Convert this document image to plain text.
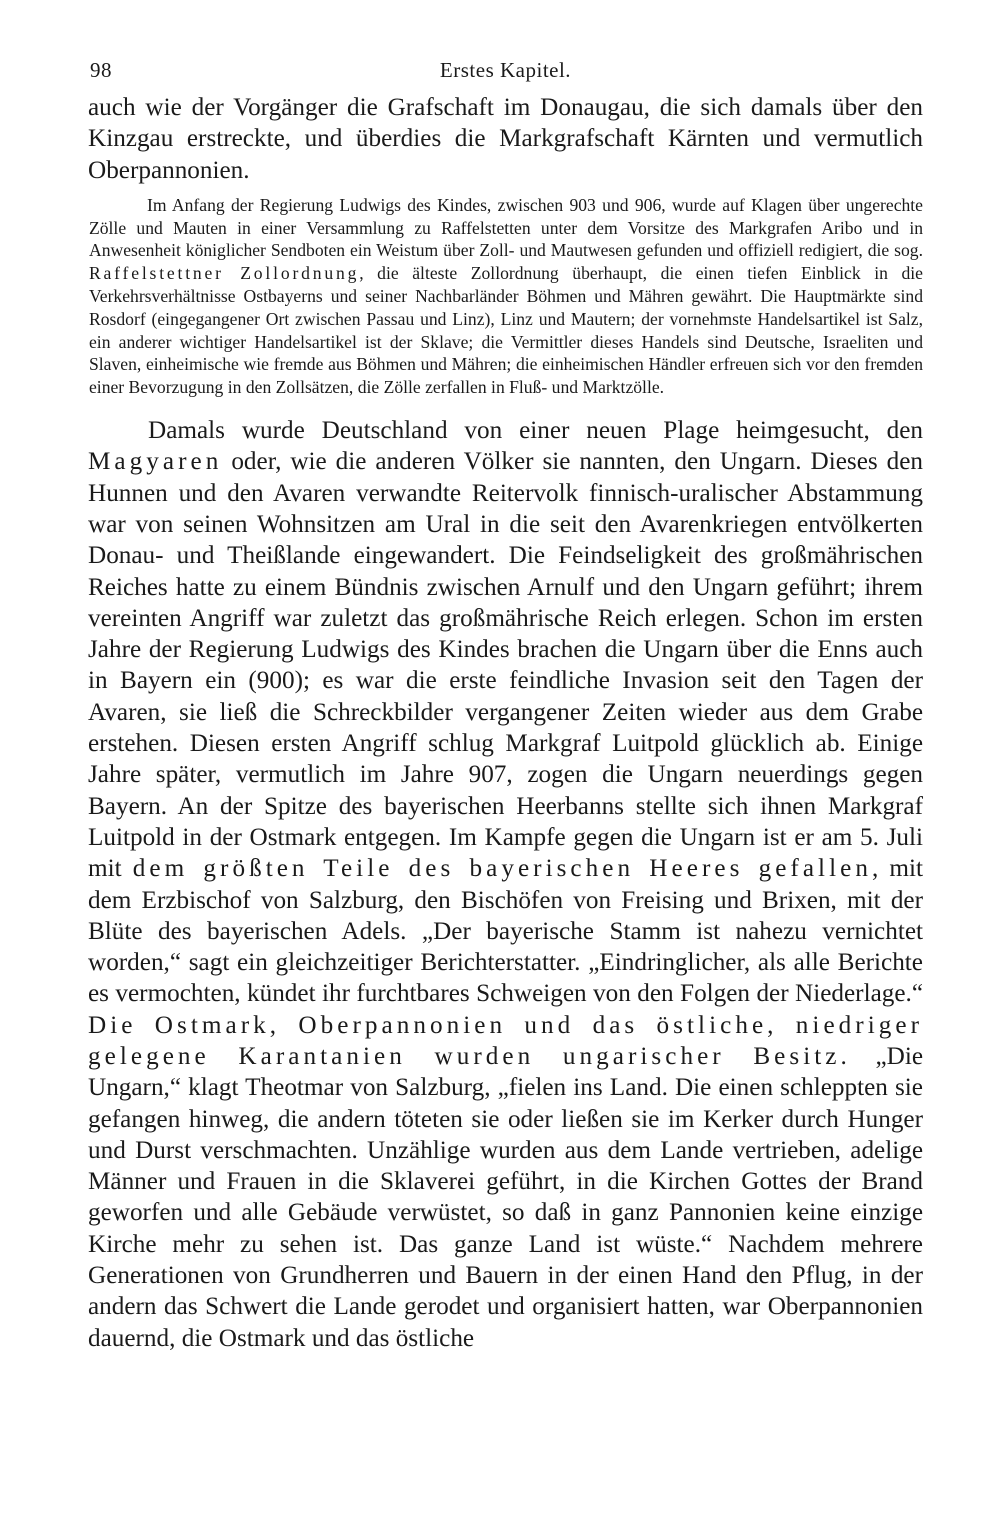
98	Erstes Kapitel.

auch wie der Vorgänger die Grafschaft im Donaugau, die sich damals über den Kinzgau erstreckte, und überdies die Markgrafschaft Kärnten und vermutlich Oberpannonien.

Im Anfang der Regierung Ludwigs des Kindes, zwischen 903 und 906, wurde auf Klagen über ungerechte Zölle und Mauten in einer Versammlung zu Raffelstetten unter dem Vorsitze des Markgrafen Aribo und in Anwesenheit königlicher Sendboten ein Weistum über Zoll- und Mautwesen gefunden und offiziell redigiert, die sog. Raffelstettner Zollordnung, die älteste Zollordnung überhaupt, die einen tiefen Einblick in die Verkehrsverhältnisse Ostbayerns und seiner Nachbarländer Böhmen und Mähren gewährt. Die Hauptmärkte sind Rosdorf (eingegangener Ort zwischen Passau und Linz), Linz und Mautern; der vornehmste Handelsartikel ist Salz, ein anderer wichtiger Handelsartikel ist der Sklave; die Vermittler dieses Handels sind Deutsche, Israeliten und Slaven, einheimische wie fremde aus Böhmen und Mähren; die einheimischen Händler erfreuen sich vor den fremden einer Bevorzugung in den Zollsätzen, die Zölle zerfallen in Fluß- und Marktzölle.

Damals wurde Deutschland von einer neuen Plage heimgesucht, den Magyaren oder, wie die anderen Völker sie nannten, den Ungarn. Dieses den Hunnen und den Avaren verwandte Reitervolk finnisch-uralischer Abstammung war von seinen Wohnsitzen am Ural in die seit den Avarenkriegen entvölkerten Donau- und Theißlande eingewandert. Die Feindseligkeit des großmährischen Reiches hatte zu einem Bündnis zwischen Arnulf und den Ungarn geführt; ihrem vereinten Angriff war zuletzt das großmährische Reich erlegen. Schon im ersten Jahre der Regierung Ludwigs des Kindes brachen die Ungarn über die Enns auch in Bayern ein (900); es war die erste feindliche Invasion seit den Tagen der Avaren, sie ließ die Schreckbilder vergangener Zeiten wieder aus dem Grabe erstehen. Diesen ersten Angriff schlug Markgraf Luitpold glücklich ab. Einige Jahre später, vermutlich im Jahre 907, zogen die Ungarn neuerdings gegen Bayern. An der Spitze des bayerischen Heerbanns stellte sich ihnen Markgraf Luitpold in der Ostmark entgegen. Im Kampfe gegen die Ungarn ist er am 5. Juli mit dem größten Teile des bayerischen Heeres gefallen, mit dem Erzbischof von Salzburg, den Bischöfen von Freising und Brixen, mit der Blüte des bayerischen Adels. „Der bayerische Stamm ist nahezu vernichtet worden,“ sagt ein gleichzeitiger Berichterstatter. „Eindringlicher, als alle Berichte es vermochten, kündet ihr furchtbares Schweigen von den Folgen der Niederlage.“ Die Ostmark, Oberpannonien und das östliche, niedriger gelegene Karantanien wurden ungarischer Besitz. „Die Ungarn,“ klagt Theotmar von Salzburg, „fielen ins Land. Die einen schleppten sie gefangen hinweg, die andern töteten sie oder ließen sie im Kerker durch Hunger und Durst verschmachten. Unzählige wurden aus dem Lande vertrieben, adelige Männer und Frauen in die Sklaverei geführt, in die Kirchen Gottes der Brand geworfen und alle Gebäude verwüstet, so daß in ganz Pannonien keine einzige Kirche mehr zu sehen ist. Das ganze Land ist wüste.“ Nachdem mehrere Generationen von Grundherren und Bauern in der einen Hand den Pflug, in der andern das Schwert die Lande gerodet und organisiert hatten, war Oberpannonien dauernd, die Ostmark und das östliche
